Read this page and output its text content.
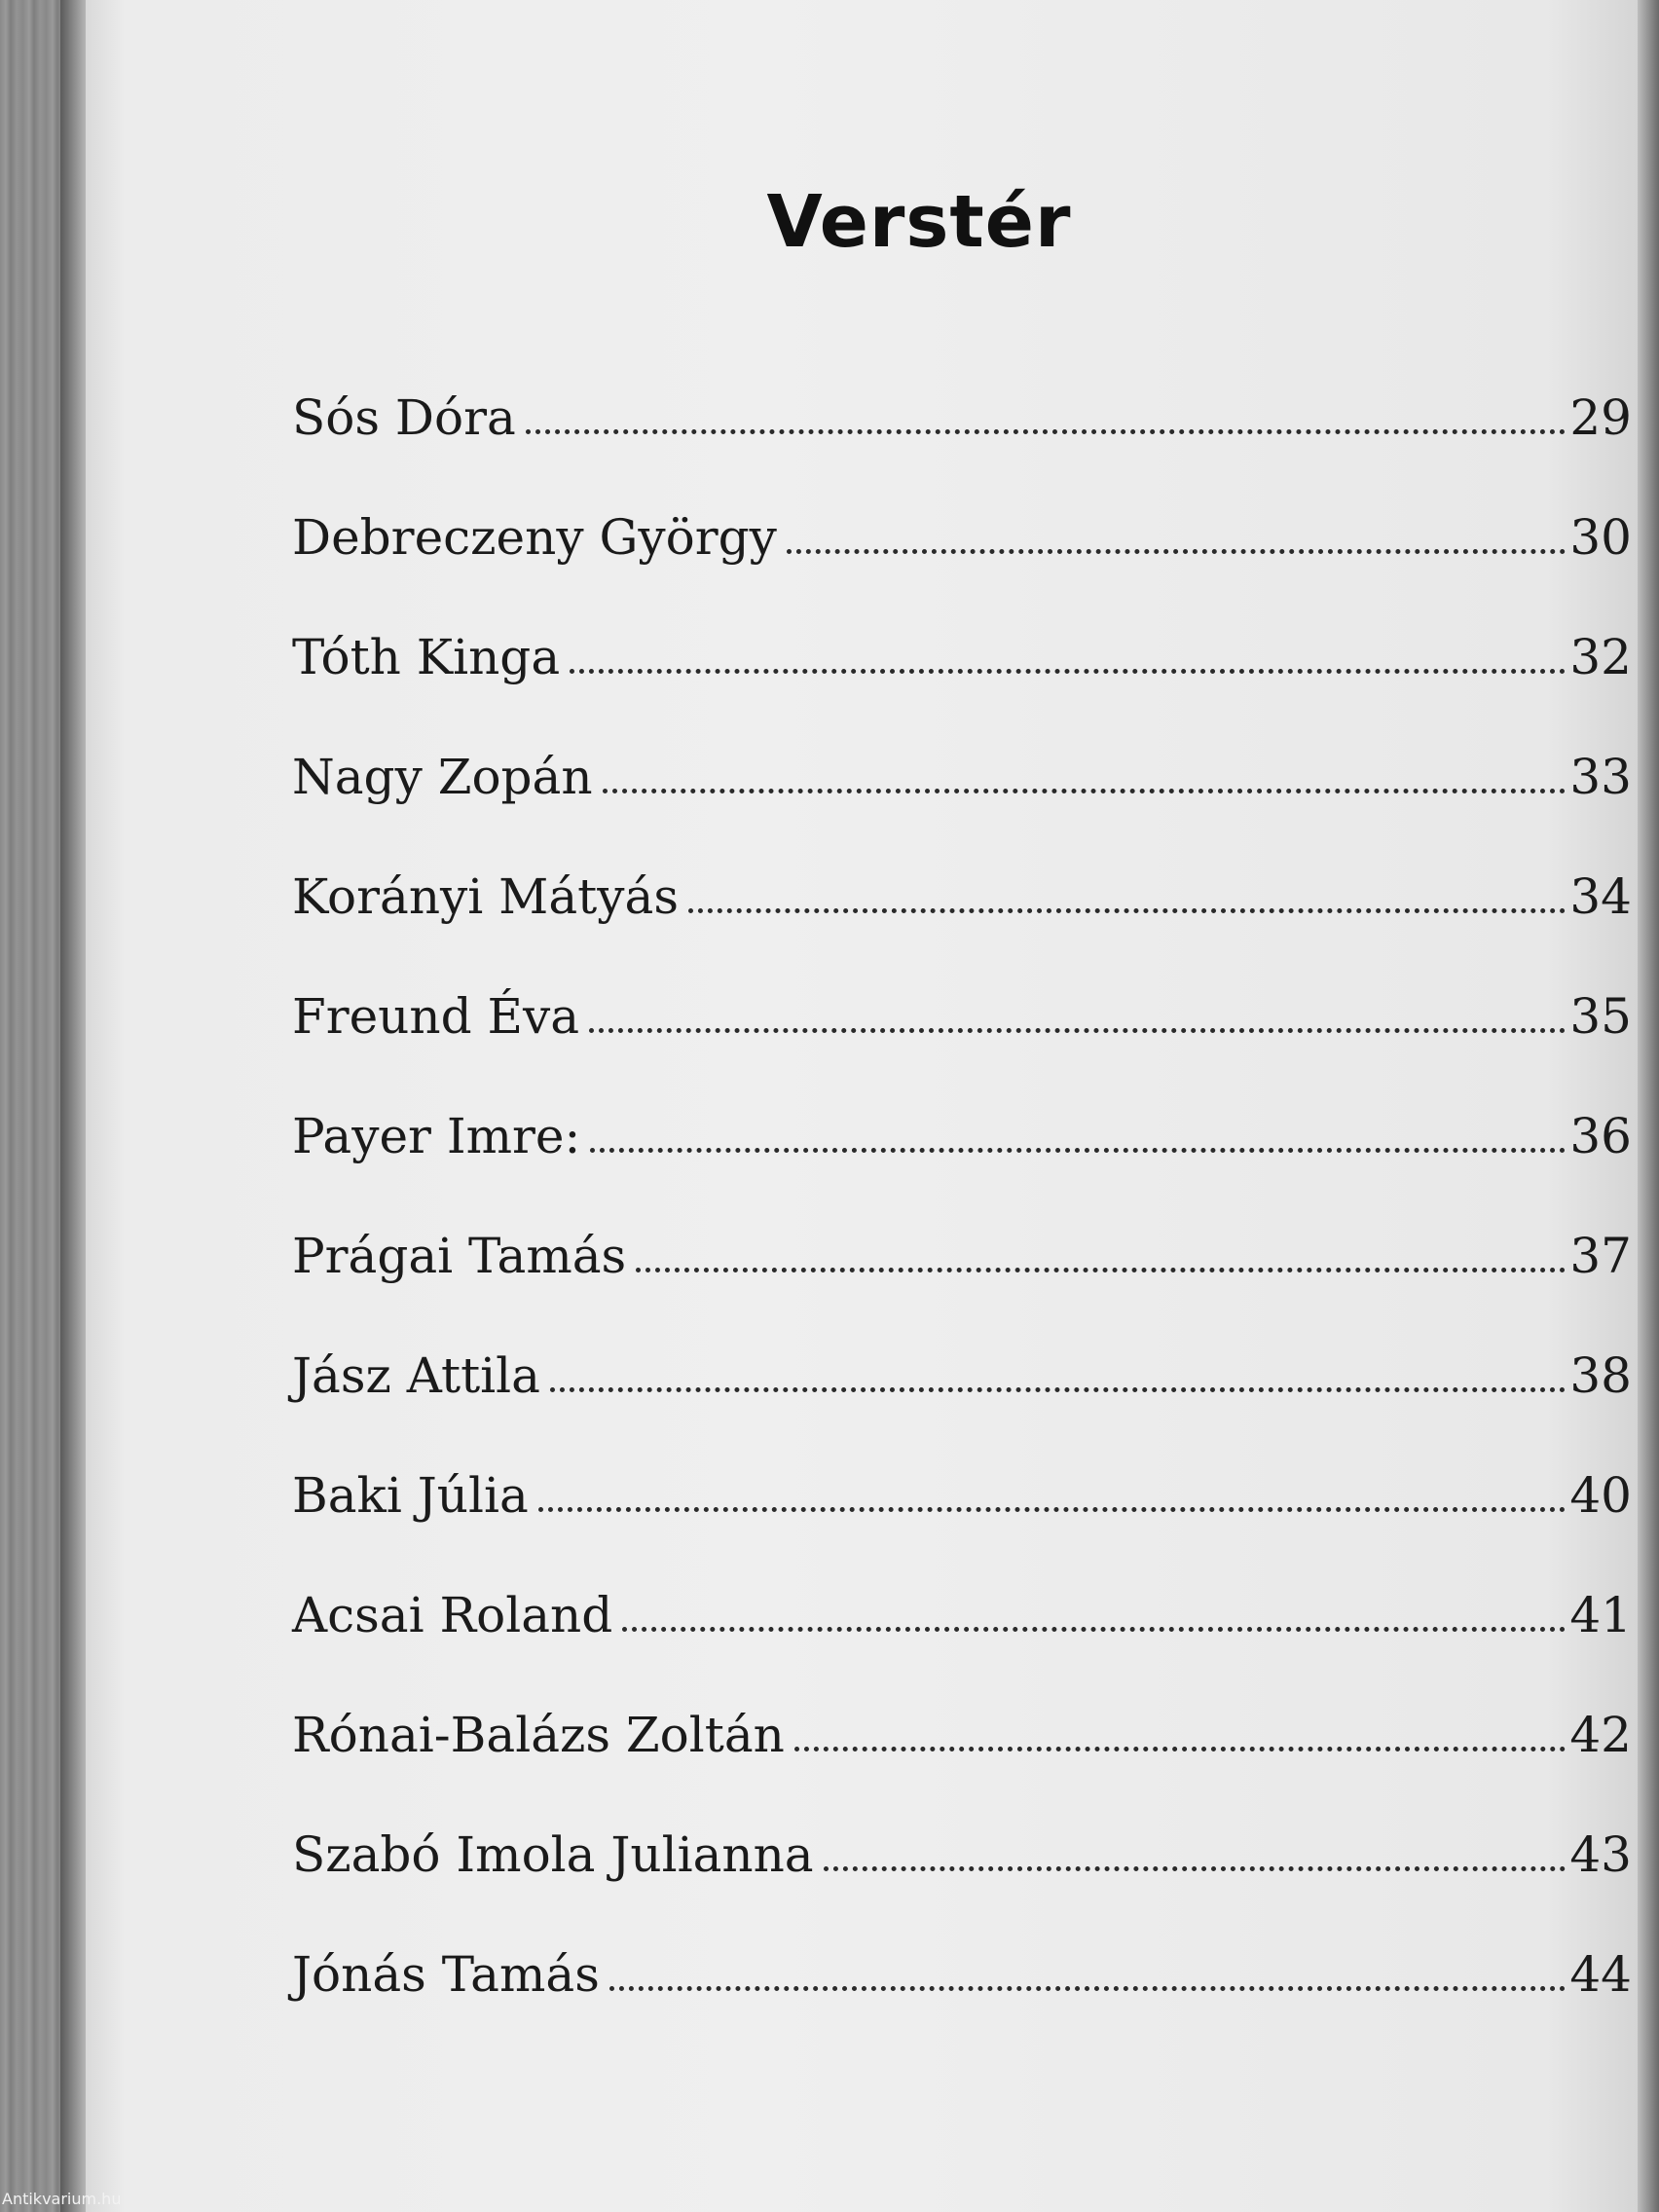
Verstér
Sós Dóra	29
Debreczeny György	30
Tóth Kinga	32
Nagy Zopán	33
Korányi Mátyás	34
Freund Éva	35
Payer Imre:	36
Prágai Tamás	37
Jász Attila	38
Baki Júlia	40
Acsai Roland	41
Rónai-Balázs Zoltán	42
Szabó Imola Julianna	43
Jónás Tamás	44
Antikvarium.hu
